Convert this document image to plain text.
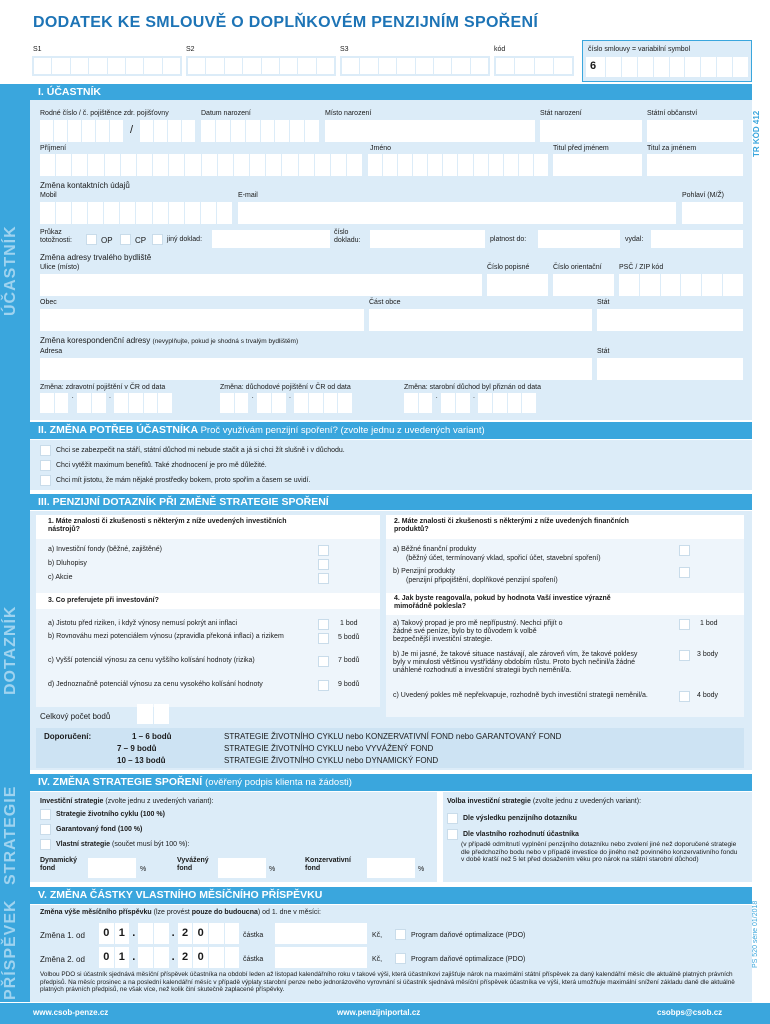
DODATEK KE SMLOUVĚ O DOPLŇKOVÉM PENZIJNÍM SPOŘENÍ
S1	S2	S3	kód	číslo smlouvy = variabilní symbol
6
ÚČASTNÍK
DOTAZNÍK
STRATEGIE
PŘÍSPĚVEK
TR KÓD 412
PS 520 série 01/2018
I. ÚČASTNÍK
Rodné číslo / č. pojištěnce zdr. pojišťovny	Datum narození	Místo narození	Stát narození	Státní občanství
/
Příjmení	Jméno	Titul před jménem	Titul za jménem
Změna kontaktních údajů
Mobil	E-mail	Pohlaví (M/Ž)
Průkaz totožnosti:	OP	CP	jiný doklad:
číslo dokladu:	platnost do:	vydal:
Změna adresy trvalého bydliště
Ulice (místo)	Číslo popisné	Číslo orientační PSČ / ZIP kód
Obec	Část obce	Stát
Změna korespondenční adresy (nevyplňujte, pokud je shodná s trvalým bydlištěm)
Adresa	Stát
Změna: zdravotní pojištění v ČR od data	Změna: důchodové pojištění v ČR od data	Změna: starobní důchod byl přiznán od data
.	.	.	.	.	.
II. ZMĚNA POTŘEB ÚČASTNÍKA Proč využívám penzijní spoření? (zvolte jednu z uvedených variant)
Chci se zabezpečit na stáří, státní důchod mi nebude stačit a já si chci žít slušně i v důchodu.
Chci vytěžit maximum benefitů. Také zhodnocení je pro mě důležité.
Chci mít jistotu, že mám nějaké prostředky bokem, proto spořím a časem se uvidí.
III. PENZIJNÍ DOTAZNÍK PŘI ZMĚNĚ STRATEGIE SPOŘENÍ
1. Máte znalosti či zkušenosti s některým z níže uvedených investičních nástrojů?
a) Investiční fondy (běžné, zajištěné)
b) Dluhopisy
c) Akcie
2. Máte znalosti či zkušenosti s některými z níže uvedených finančních produktů?
a) Běžné finanční produkty
(běžný účet, termínovaný vklad, spořicí účet, stavební spoření)
b) Penzijní produkty
(penzijní připojištění, doplňkové penzijní spoření)
3. Co preferujete při investování?
a) Jistotu před riziken, i když výnosy nemusí pokrýt ani inflaci	1 bod
b) Rovnováhu mezi potenciálem výnosu (zpravidla překoná inflaci) a rizikem	5 bodů
c) Vyšší potenciál výnosu za cenu vyššího kolísání hodnoty (rizika)	7 bodů
d) Jednoznačně potenciál výnosu za cenu vysokého kolísání hodnoty	9 bodů
4. Jak byste reagoval/a, pokud by hodnota Vaší investice výrazně mimořádně poklesla?
a) Takový propad je pro mě nepřípustný. Nechci přijít o žádné své peníze, bylo by to důvodem k volbě bezpečnější investiční strategie.
1 bod
b) Je mi jasné, že takové situace nastávají, ale zároveň vím, že takové poklesy byly v minulosti většinou vystřídány obdobím růstu. Proto bych nečinil/a žádné unáhlené rozhodnutí a investiční strategii bych neměnil/a.
3 body
c) Uvedený pokles mě nepřekvapuje, rozhodně bych investiční strategii neměnil/a.	4 body
Celkový počet bodů
Doporučení:	1 – 6 bodů	STRATEGIE ŽIVOTNÍHO CYKLU nebo KONZERVATIVNÍ FOND nebo GARANTOVANÝ FOND
7 – 9 bodů	STRATEGIE ŽIVOTNÍHO CYKLU nebo VYVÁŽENÝ FOND
10 – 13 bodů	STRATEGIE ŽIVOTNÍHO CYKLU nebo DYNAMICKÝ FOND
IV. ZMĚNA STRATEGIE SPOŘENÍ (ověřený podpis klienta na žádosti)
Investiční strategie (zvolte jednu z uvedených variant):
Strategie životního cyklu (100 %)
Garantovaný fond (100 %)
Vlastní strategie (součet musí být 100 %):
Dynamický fond	%
Vyvážený fond	%
Konzervativní fond	%
Volba investiční strategie (zvolte jednu z uvedených variant):
Dle výsledku penzijního dotazníku
Dle vlastního rozhodnutí účastníka
(v případě odmítnutí vyplnění penzijního dotazníku nebo zvolení jiné než doporučené strategie dle předchozího bodu nebo v případě investice do jiného než povinného konzervativního fondu v době kratší než 5 let před dosažením věku pro nárok na státní starobní důchod)
V. ZMĚNA ČÁSTKY VLASTNÍHO MĚSÍČNÍHO PŘÍSPĚVKU
Změna výše měsíčního příspěvku (lze provést pouze do budoucna) od 1. dne v měsíci:
Změna 1. od	0 1 .	. 2 0	částka	Kč,	Program daňové optimalizace (PDO)
Změna 2. od	0 1 .	. 2 0	částka	Kč,	Program daňové optimalizace (PDO)
Volbou PDO si účastník sjednává měsíční příspěvek účastníka na období leden až listopad kalendářního roku v takové výši, která účastníkovi zajišťuje nárok na maximální státní příspěvek za daný kalendářní měsíc dle aktuálně platných právních předpisů. Na měsíc prosinec a na poslední kalendářní měsíc v případě výplaty starobní penze nebo jednorázového vyrovnání si účastník sjednává měsíční příspěvek účastníka ve výši, která umožňuje maximální snížení základu daně dle aktuálně platných právních předpisů, ne však více, než kolik činí skutečně zaplacené příspěvky.
www.csob-penze.cz	www.penzijniportal.cz	csobps@csob.cz
